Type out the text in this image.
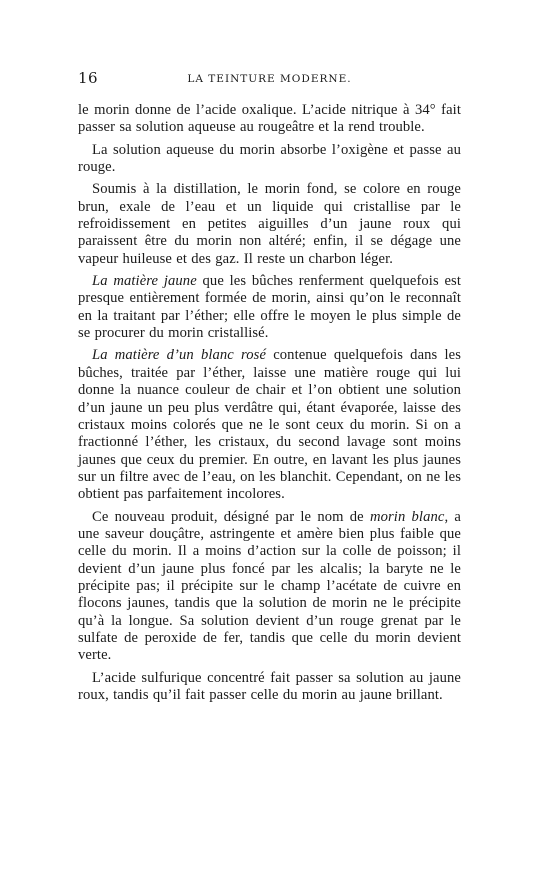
16	LA TEINTURE MODERNE.

le morin donne de l’acide oxalique. L’acide nitrique à 34° fait passer sa solution aqueuse au rougeâtre et la rend trouble.

La solution aqueuse du morin absorbe l’oxigène et passe au rouge.

Soumis à la distillation, le morin fond, se colore en rouge brun, exale de l’eau et un liquide qui cristallise par le refroidissement en petites aiguilles d’un jaune roux qui paraissent être du morin non altéré; enfin, il se dégage une vapeur huileuse et des gaz. Il reste un charbon léger.

La matière jaune que les bûches renferment quelquefois est presque entièrement formée de morin, ainsi qu’on le reconnaît en la traitant par l’éther; elle offre le moyen le plus simple de se procurer du morin cristallisé.

La matière d’un blanc rosé contenue quelquefois dans les bûches, traitée par l’éther, laisse une matière rouge qui lui donne la nuance couleur de chair et l’on obtient une solution d’un jaune un peu plus verdâtre qui, étant évaporée, laisse des cristaux moins colorés que ne le sont ceux du morin. Si on a fractionné l’éther, les cristaux, du second lavage sont moins jaunes que ceux du premier. En outre, en lavant les plus jaunes sur un filtre avec de l’eau, on les blanchit. Cependant, on ne les obtient pas parfaitement incolores.

Ce nouveau produit, désigné par le nom de morin blanc, a une saveur douçâtre, astringente et amère bien plus faible que celle du morin. Il a moins d’action sur la colle de poisson; il devient d’un jaune plus foncé par les alcalis; la baryte ne le précipite pas; il précipite sur le champ l’acétate de cuivre en flocons jaunes, tandis que la solution de morin ne le précipite qu’à la longue. Sa solution devient d’un rouge grenat par le sulfate de peroxide de fer, tandis que celle du morin devient verte.

L’acide sulfurique concentré fait passer sa solution au jaune roux, tandis qu’il fait passer celle du morin au jaune brillant.
